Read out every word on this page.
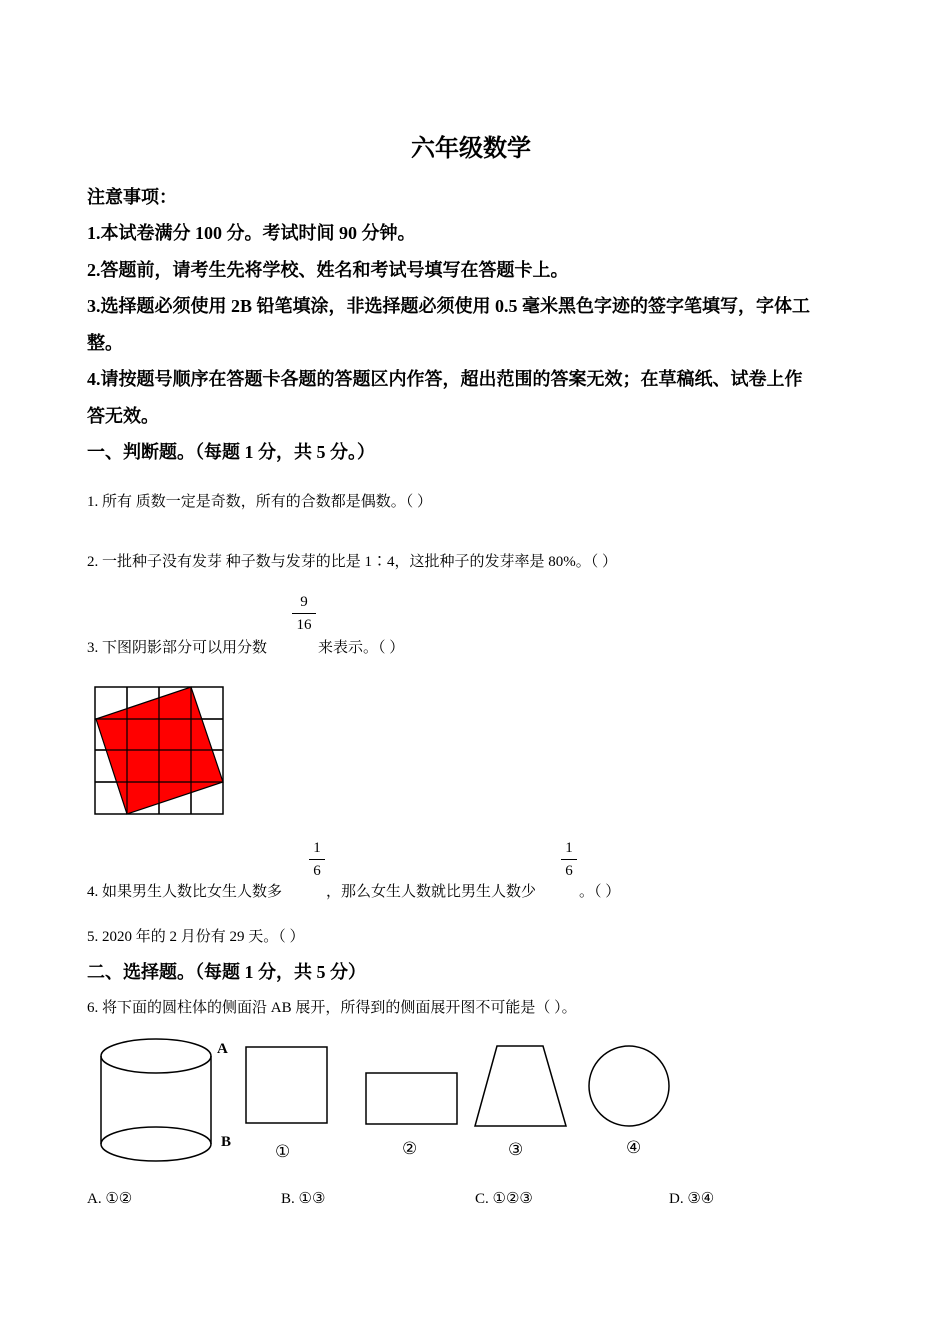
六年级数学
注意事项：
1.本试卷满分 100 分。考试时间 90 分钟。
2.答题前，请考生先将学校、姓名和考试号填写在答题卡上。
3.选择题必须使用 2B 铅笔填涂，非选择题必须使用 0.5 毫米黑色字迹的签字笔填写，字体工
整。
4.请按题号顺序在答题卡各题的答题区内作答，超出范围的答案无效；在草稿纸、试卷上作
答无效。
一、判断题。（每题 1 分，共 5 分。）
1. 所有 质数一定是奇数，所有的合数都是偶数。（ ）
2. 一批种子没有发芽 种子数与发芽的比是 1∶4，这批种子的发芽率是 80%。（ ）
3. 下图阴影部分可以用分数
9
16
来表示。（ ）
4. 如果男生人数比女生人数多
1
6
，那么女生人数就比男生人数少
1
6
。（ ）
5. 2020 年的 2 月份有 29 天。（ ）
二、选择题。（每题 1 分，共 5 分）
6. 将下面的圆柱体的侧面沿 AB 展开，所得到的侧面展开图不可能是（ ）。
A
B	①	②	③	④
A. ①②	B. ①③	C. ①②③	D. ③④
